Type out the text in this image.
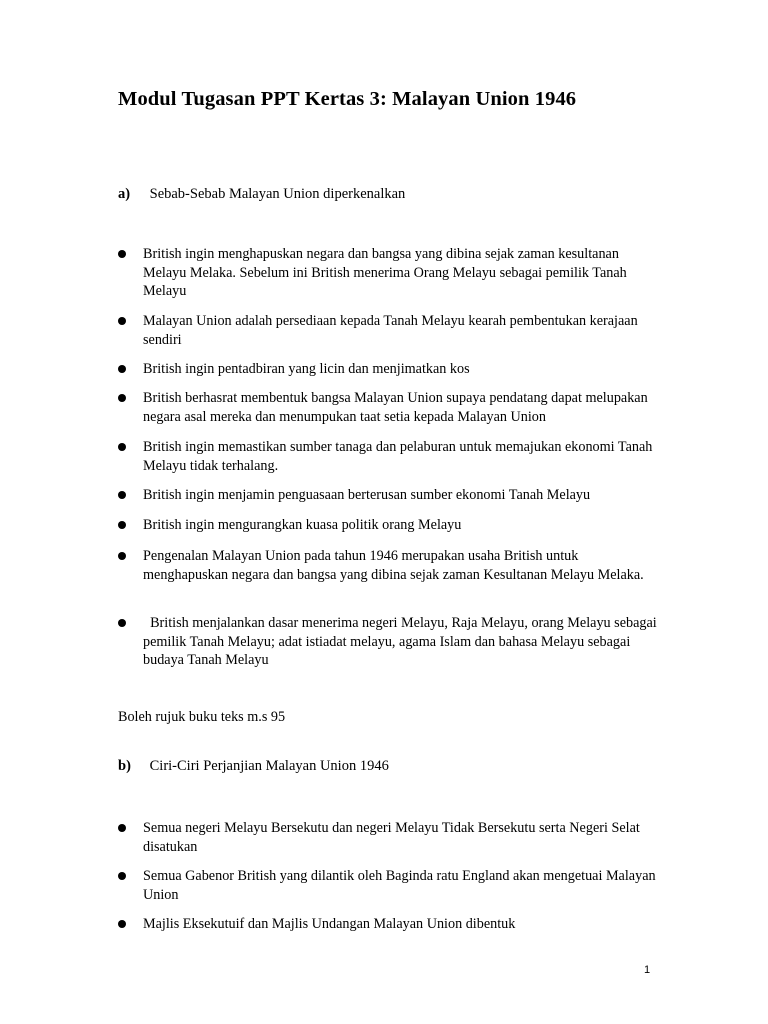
Modul Tugasan PPT Kertas 3: Malayan Union 1946
a) Sebab-Sebab Malayan Union diperkenalkan
British ingin menghapuskan negara dan bangsa yang dibina sejak zaman kesultanan Melayu Melaka. Sebelum ini British menerima Orang Melayu sebagai pemilik Tanah Melayu
Malayan Union adalah persediaan kepada Tanah Melayu kearah pembentukan kerajaan sendiri
British ingin pentadbiran yang licin dan menjimatkan kos
British berhasrat membentuk bangsa Malayan Union supaya pendatang dapat melupakan negara asal mereka dan menumpukan taat setia kepada Malayan Union
British ingin memastikan sumber tanaga dan pelaburan untuk memajukan ekonomi Tanah Melayu tidak terhalang.
British ingin menjamin penguasaan berterusan sumber ekonomi Tanah Melayu
British ingin mengurangkan kuasa politik orang Melayu
Pengenalan Malayan Union pada tahun 1946 merupakan usaha British untuk menghapuskan negara dan bangsa yang dibina sejak zaman Kesultanan Melayu Melaka.
British menjalankan dasar menerima negeri Melayu, Raja Melayu, orang Melayu sebagai pemilik Tanah Melayu; adat istiadat melayu, agama Islam dan bahasa Melayu sebagai budaya Tanah Melayu
Boleh rujuk buku teks m.s 95
b) Ciri-Ciri Perjanjian Malayan Union 1946
Semua negeri Melayu Bersekutu dan negeri Melayu Tidak Bersekutu serta Negeri Selat disatukan
Semua Gabenor British yang dilantik oleh Baginda ratu England akan mengetuai Malayan Union
Majlis Eksekutuif dan Majlis Undangan Malayan Union dibentuk
1
